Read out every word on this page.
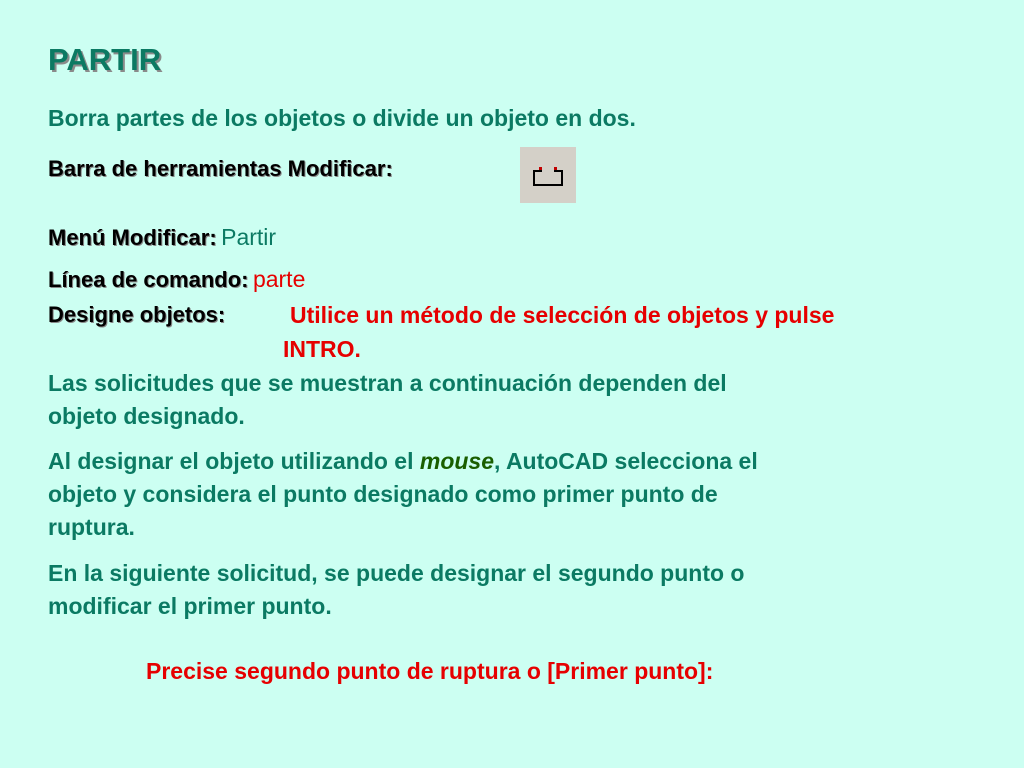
PARTIR
Borra partes de los objetos o divide un objeto en dos.
Barra de herramientas Modificar:
Menú Modificar: Partir
Línea de comando: parte
Designe objetos:	Utilice un método de selección de objetos y pulse
INTRO.
Las solicitudes que se muestran a continuación dependen del
objeto designado.
Al designar el objeto utilizando el mouse, AutoCAD selecciona el
objeto y considera el punto designado como primer punto de
ruptura.
En la siguiente solicitud, se puede designar el segundo punto o
modificar el primer punto.
Precise segundo punto de ruptura o [Primer punto]:
